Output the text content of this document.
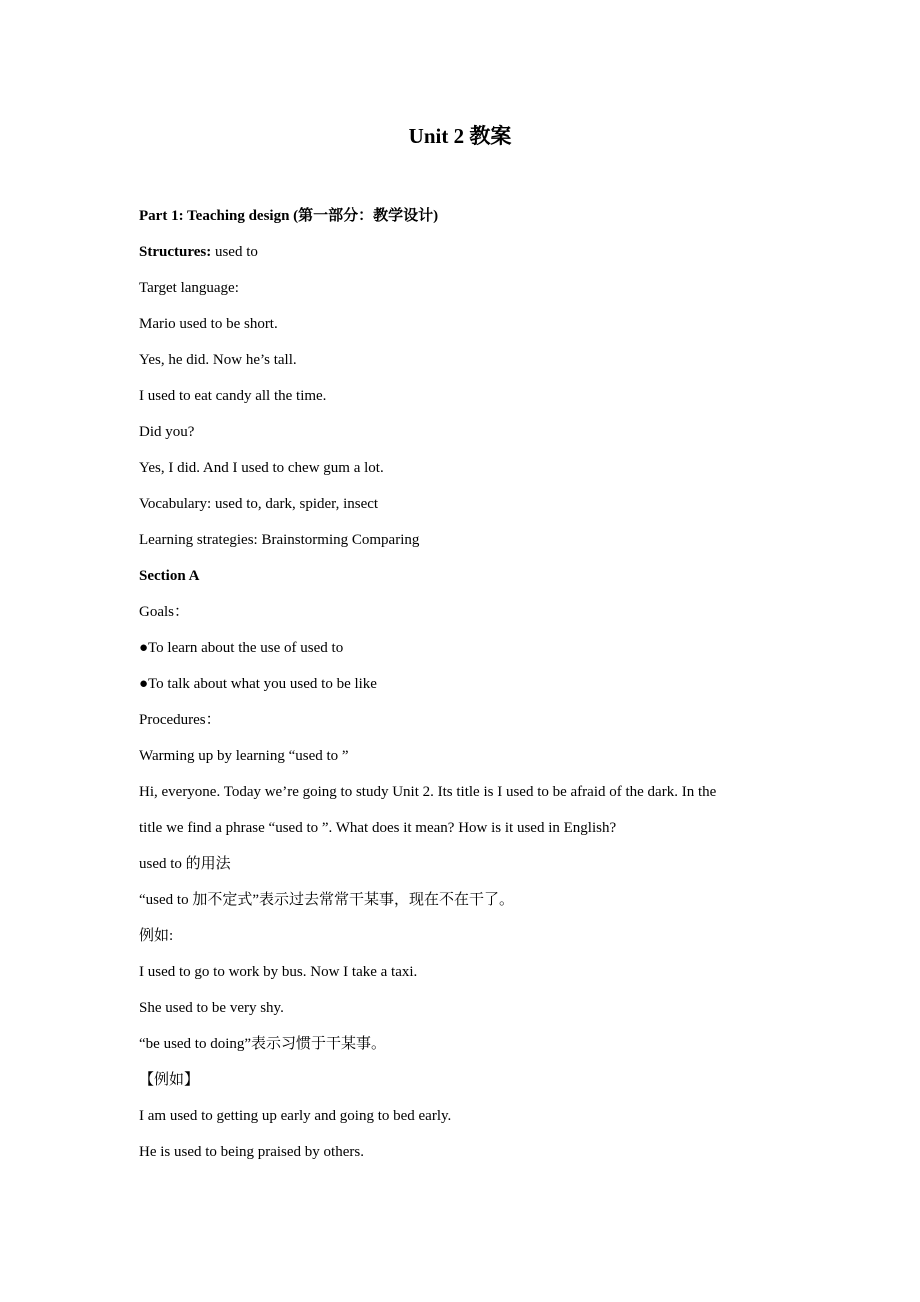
Unit 2 教案
Part 1: Teaching design (第一部分：教学设计)
Structures: used to
Target language:
Mario used to be short.
Yes, he did. Now he’s tall.
I used to eat candy all the time.
Did you?
Yes, I did. And I used to chew gum a lot.
Vocabulary: used to, dark, spider, insect
Learning strategies: Brainstorming Comparing
Section A
Goals：
●To learn about the use of used to
●To talk about what you used to be like
Procedures：
Warming up by learning “used to ”
Hi, everyone. Today we’re going to study Unit 2. Its title is I used to be afraid of the dark. In the
title we find a phrase “used to ”. What does it mean? How is it used in English?
used to 的用法
“used to 加不定式”表示过去常常干某事，现在不在干了。
例如:
I used to go to work by bus. Now I take a taxi.
She used to be very shy.
“be used to doing”表示习惯于干某事。
【例如】
I am used to getting up early and going to bed early.
He is used to being praised by others.
